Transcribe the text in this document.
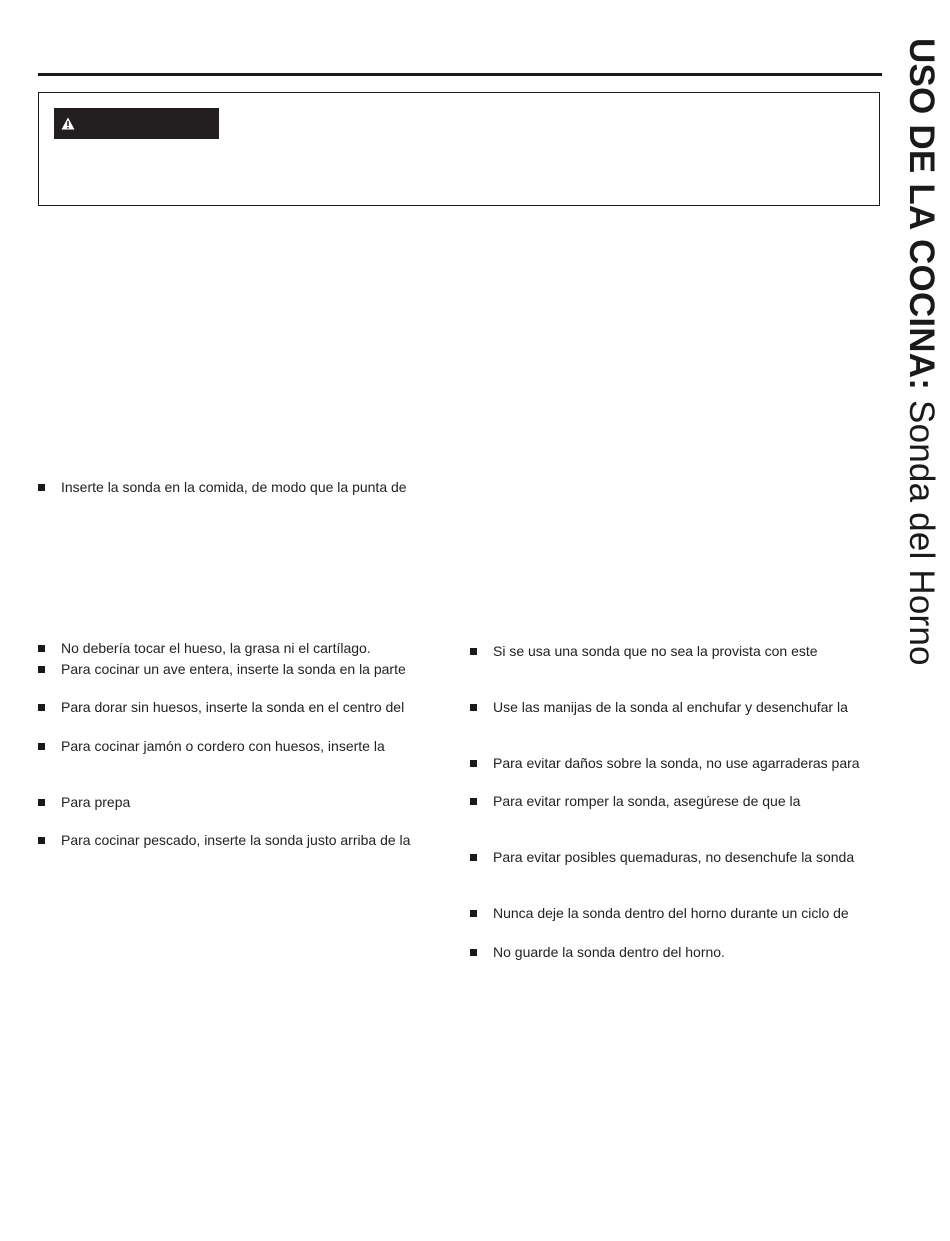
USO DE LA COCINA: Sonda del Horno
Inserte la sonda en la comida, de modo que la punta de
No debería tocar el hueso, la grasa ni el cartílago.
Para cocinar un ave entera, inserte la sonda en la parte
Para dorar sin huesos, inserte la sonda en el centro del
Para cocinar jamón o cordero con huesos, inserte la
Para prepa
Para cocinar pescado, inserte la sonda justo arriba de la
Si se usa una sonda que no sea la provista con este
Use las manijas de la sonda al enchufar y desenchufar la
Para evitar daños sobre la sonda, no use agarraderas para
Para evitar romper la sonda, asegúrese de que la
Para evitar posibles quemaduras, no desenchufe la sonda
Nunca deje la sonda dentro del horno durante un ciclo de
No guarde la sonda dentro del horno.
